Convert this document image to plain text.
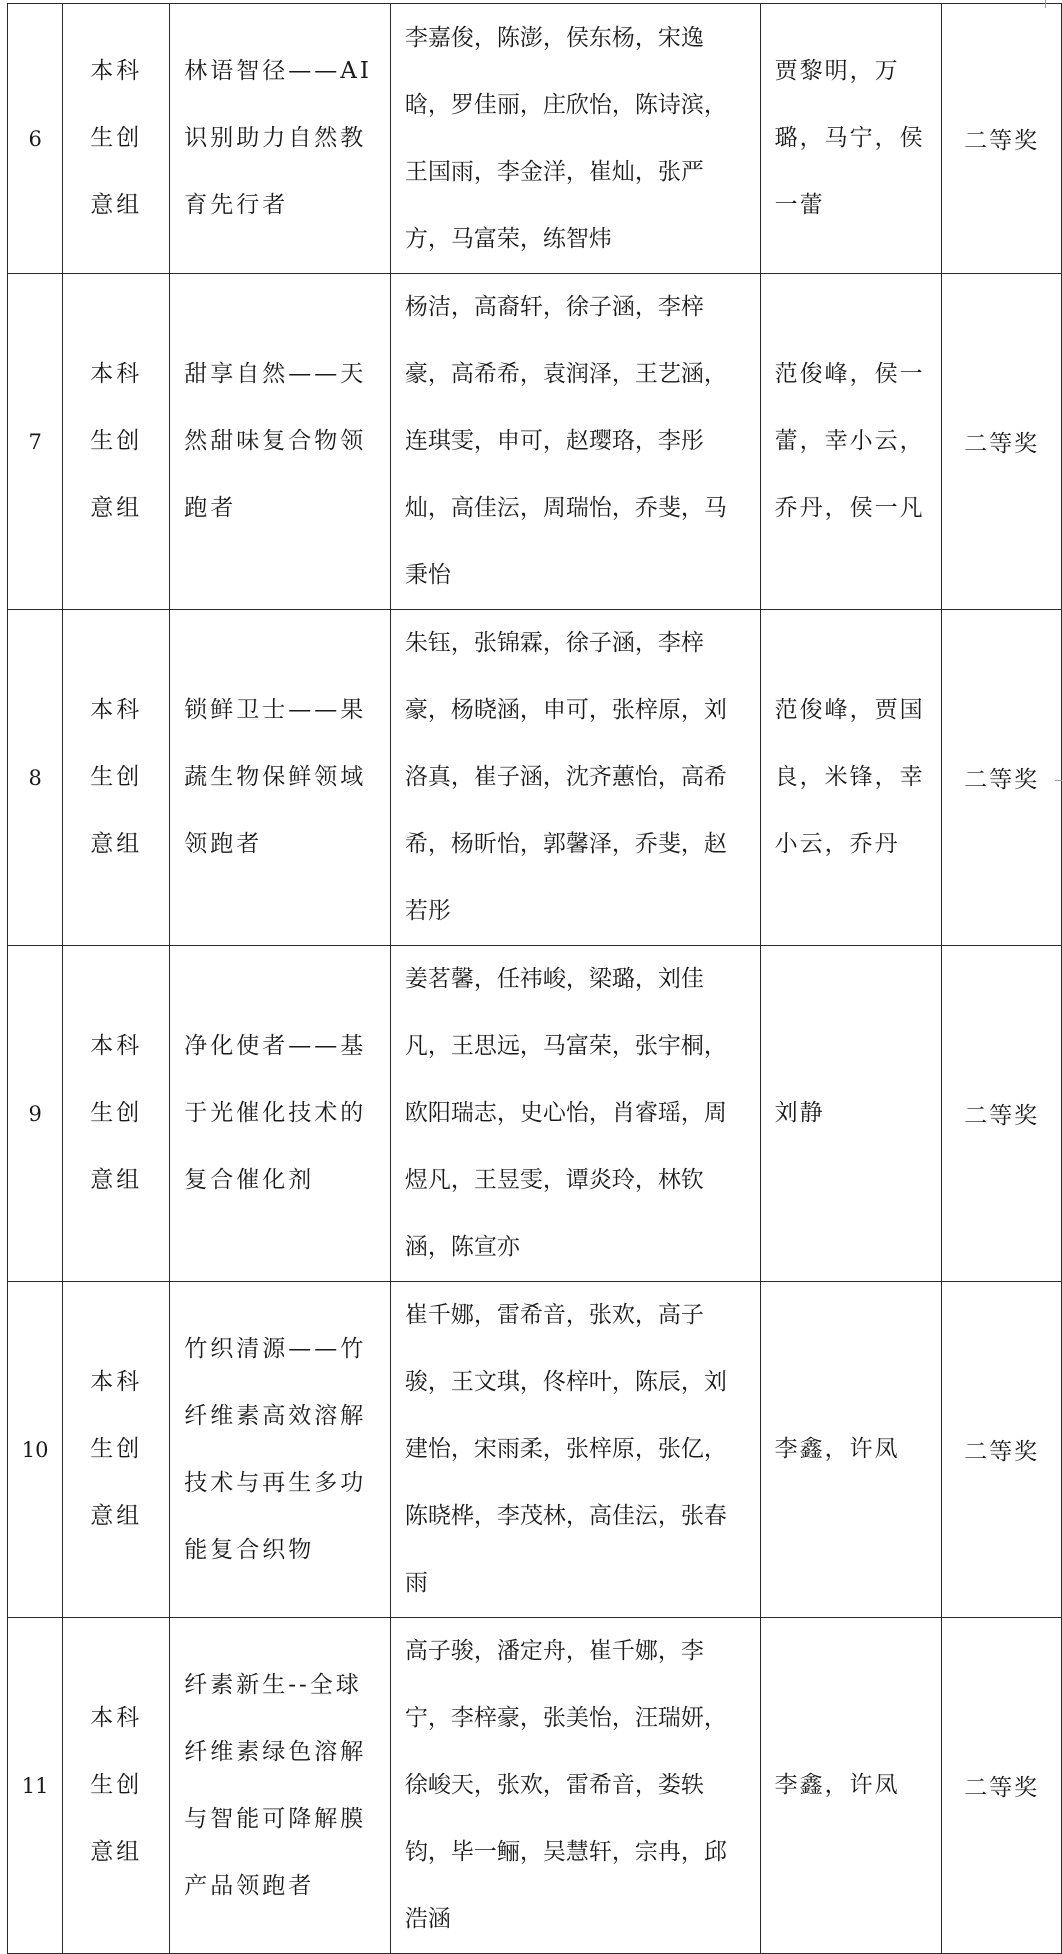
6	本科生创意组	林语智径——AI识别助力自然教育先行者	李嘉俊，陈澎，侯东杨，宋逸晗，罗佳丽，庄欣怡，陈诗滨，王国雨，李金洋，崔灿，张严方，马富荣，练智炜	贾黎明，万璐，马宁，侯一蕾	二等奖
7	本科生创意组	甜享自然——天然甜味复合物领跑者	杨洁，高裔轩，徐子涵，李梓豪，高希希，袁润泽，王艺涵，连琪雯，申可，赵璎珞，李彤灿，高佳沄，周瑞怡，乔斐，马秉怡	范俊峰，侯一蕾，幸小云，乔丹，侯一凡	二等奖
8	本科生创意组	锁鲜卫士——果蔬生物保鲜领域领跑者	朱钰，张锦霖，徐子涵，李梓豪，杨晓涵，申可，张梓原，刘洛真，崔子涵，沈齐蕙怡，高希希，杨昕怡，郭馨泽，乔斐，赵若彤	范俊峰，贾国良，米锋，幸小云，乔丹	二等奖
9	本科生创意组	净化使者——基于光催化技术的复合催化剂	姜茗馨，任祎峻，梁璐，刘佳凡，王思远，马富荣，张宇桐，欧阳瑞志，史心怡，肖睿瑶，周煜凡，王昱雯，谭炎玲，林钦涵，陈宣亦	刘静	二等奖
10	本科生创意组	竹织清源——竹纤维素高效溶解技术与再生多功能复合织物	崔千娜，雷希音，张欢，高子骏，王文琪，佟梓叶，陈辰，刘建怡，宋雨柔，张梓原，张亿，陈晓桦，李茂林，高佳沄，张春雨	李鑫，许凤	二等奖
11	本科生创意组	纤素新生--全球纤维素绿色溶解与智能可降解膜产品领跑者	高子骏，潘定舟，崔千娜，李宁，李梓豪，张美怡，汪瑞妍，徐峻天，张欢，雷希音，娄轶钧，毕一鲡，吴慧轩，宗冉，邱浩涵	李鑫，许凤	二等奖
